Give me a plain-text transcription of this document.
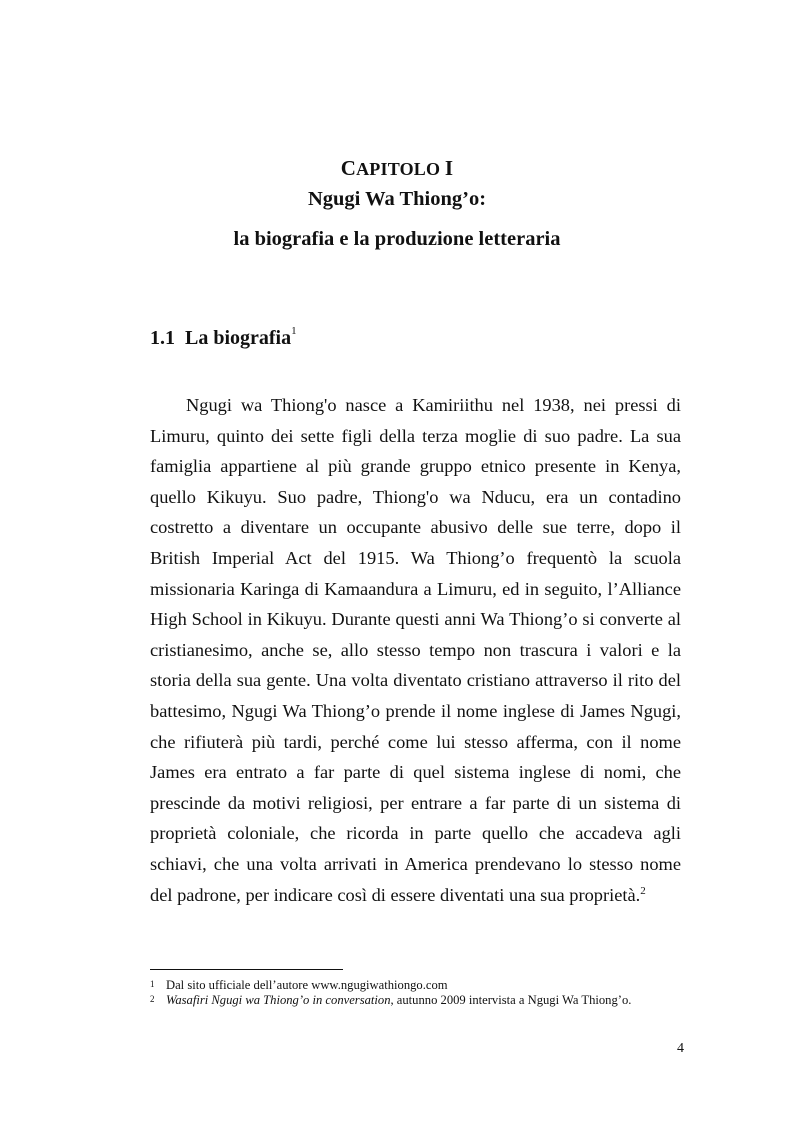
CAPITOLO I
Ngugi Wa Thiong’o:
la biografia e la produzione letteraria
1.1 La biografia$^1$

Ngugi wa Thiong'o nasce a Kamiriithu nel 1938, nei pressi di Limuru, quinto dei sette figli della terza moglie di suo padre. La sua famiglia appartiene al più grande gruppo etnico presente in Kenya, quello Kikuyu. Suo padre, Thiong'o wa Nducu, era un contadino costretto a diventare un occupante abusivo delle sue terre, dopo il British Imperial Act del 1915. Wa Thiong’o frequentò la scuola missionaria Karinga di Kamaandura a Limuru, ed in seguito, l’Alliance High School in Kikuyu. Durante questi anni Wa Thiong’o si converte al cristianesimo, anche se, allo stesso tempo non trascura i valori e la storia della sua gente. Una volta diventato cristiano attraverso il rito del battesimo, Ngugi Wa Thiong’o prende il nome inglese di James Ngugi, che rifiuterà più tardi, perché come lui stesso afferma, con il nome James era entrato a far parte di quel sistema inglese di nomi, che prescinde da motivi religiosi, per entrare a far parte di un sistema di proprietà coloniale, che ricorda in parte quello che accadeva agli schiavi, che una volta arrivati in America prendevano lo stesso nome del padrone, per indicare così di essere diventati una sua proprietà.$^2$

1 Dal sito ufficiale dell’autore www.ngugiwathiongo.com
2 Wasafiri Ngugi wa Thiong’o in conversation, autunno 2009 intervista a Ngugi Wa Thiong’o.
4
